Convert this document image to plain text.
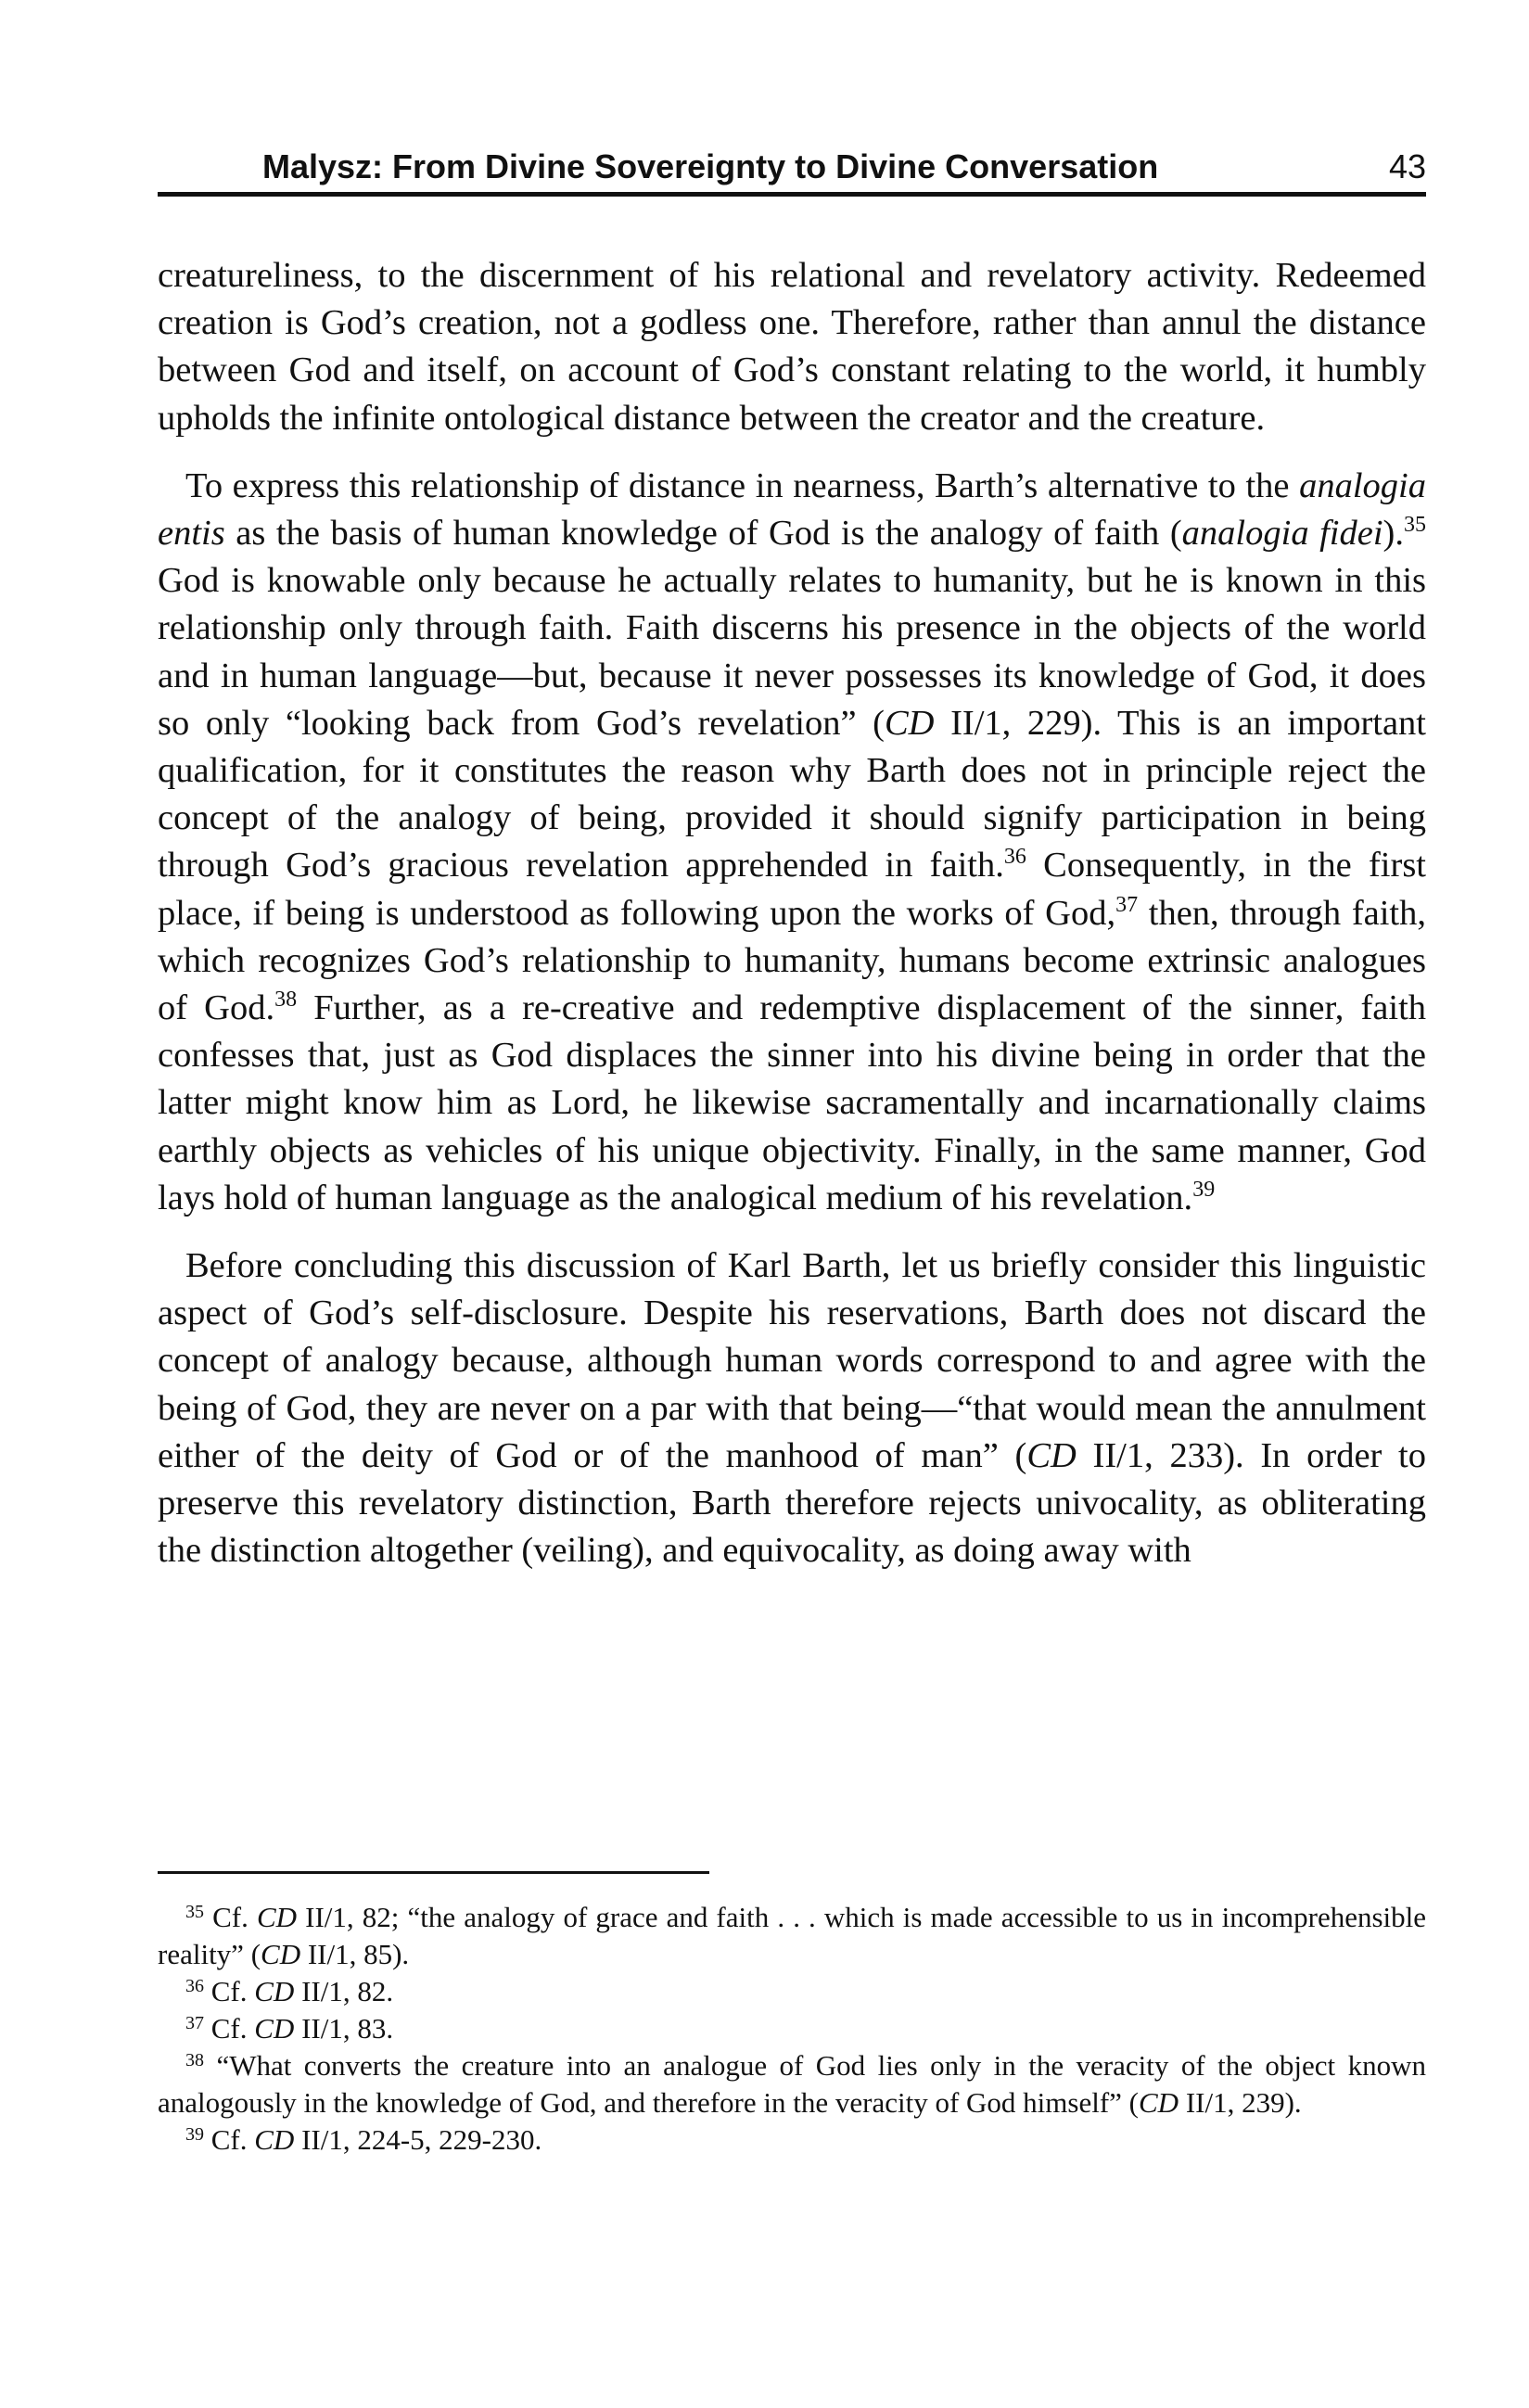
Malysz: From Divine Sovereignty to Divine Conversation	43

creatureliness, to the discernment of his relational and revelatory activity. Redeemed creation is God’s creation, not a godless one. Therefore, rather than annul the distance between God and itself, on account of God’s constant relating to the world, it humbly upholds the infinite ontological distance between the creator and the creature.

To express this relationship of distance in nearness, Barth’s alternative to the analogia entis as the basis of human knowledge of God is the analogy of faith (analogia fidei).$^{35}$ God is knowable only because he actually relates to humanity, but he is known in this relationship only through faith. Faith discerns his presence in the objects of the world and in human language—but, because it never possesses its knowledge of God, it does so only “looking back from God’s revelation” (CD II/1, 229). This is an important qualification, for it constitutes the reason why Barth does not in principle reject the concept of the analogy of being, provided it should signify participation in being through God’s gracious revelation apprehended in faith.$^{36}$ Consequently, in the first place, if being is understood as following upon the works of God,$^{37}$ then, through faith, which recognizes God’s relationship to humanity, humans become extrinsic analogues of God.$^{38}$ Further, as a re-creative and redemptive displacement of the sinner, faith confesses that, just as God displaces the sinner into his divine being in order that the latter might know him as Lord, he likewise sacramentally and incarnationally claims earthly objects as vehicles of his unique objectivity. Finally, in the same manner, God lays hold of human language as the analogical medium of his revelation.$^{39}$

Before concluding this discussion of Karl Barth, let us briefly consider this linguistic aspect of God’s self-disclosure. Despite his reservations, Barth does not discard the concept of analogy because, although human words correspond to and agree with the being of God, they are never on a par with that being—“that would mean the annulment either of the deity of God or of the manhood of man” (CD II/1, 233). In order to preserve this revelatory distinction, Barth therefore rejects univocality, as obliterating the distinction altogether (veiling), and equivocality, as doing away with

$^{35}$ Cf. CD II/1, 82; “the analogy of grace and faith . . . which is made accessible to us in incomprehensible reality” (CD II/1, 85).

$^{36}$ Cf. CD II/1, 82.

$^{37}$ Cf. CD II/1, 83.

$^{38}$ “What converts the creature into an analogue of God lies only in the veracity of the object known analogously in the knowledge of God, and therefore in the veracity of God himself” (CD II/1, 239).

$^{39}$ Cf. CD II/1, 224-5, 229-230.
